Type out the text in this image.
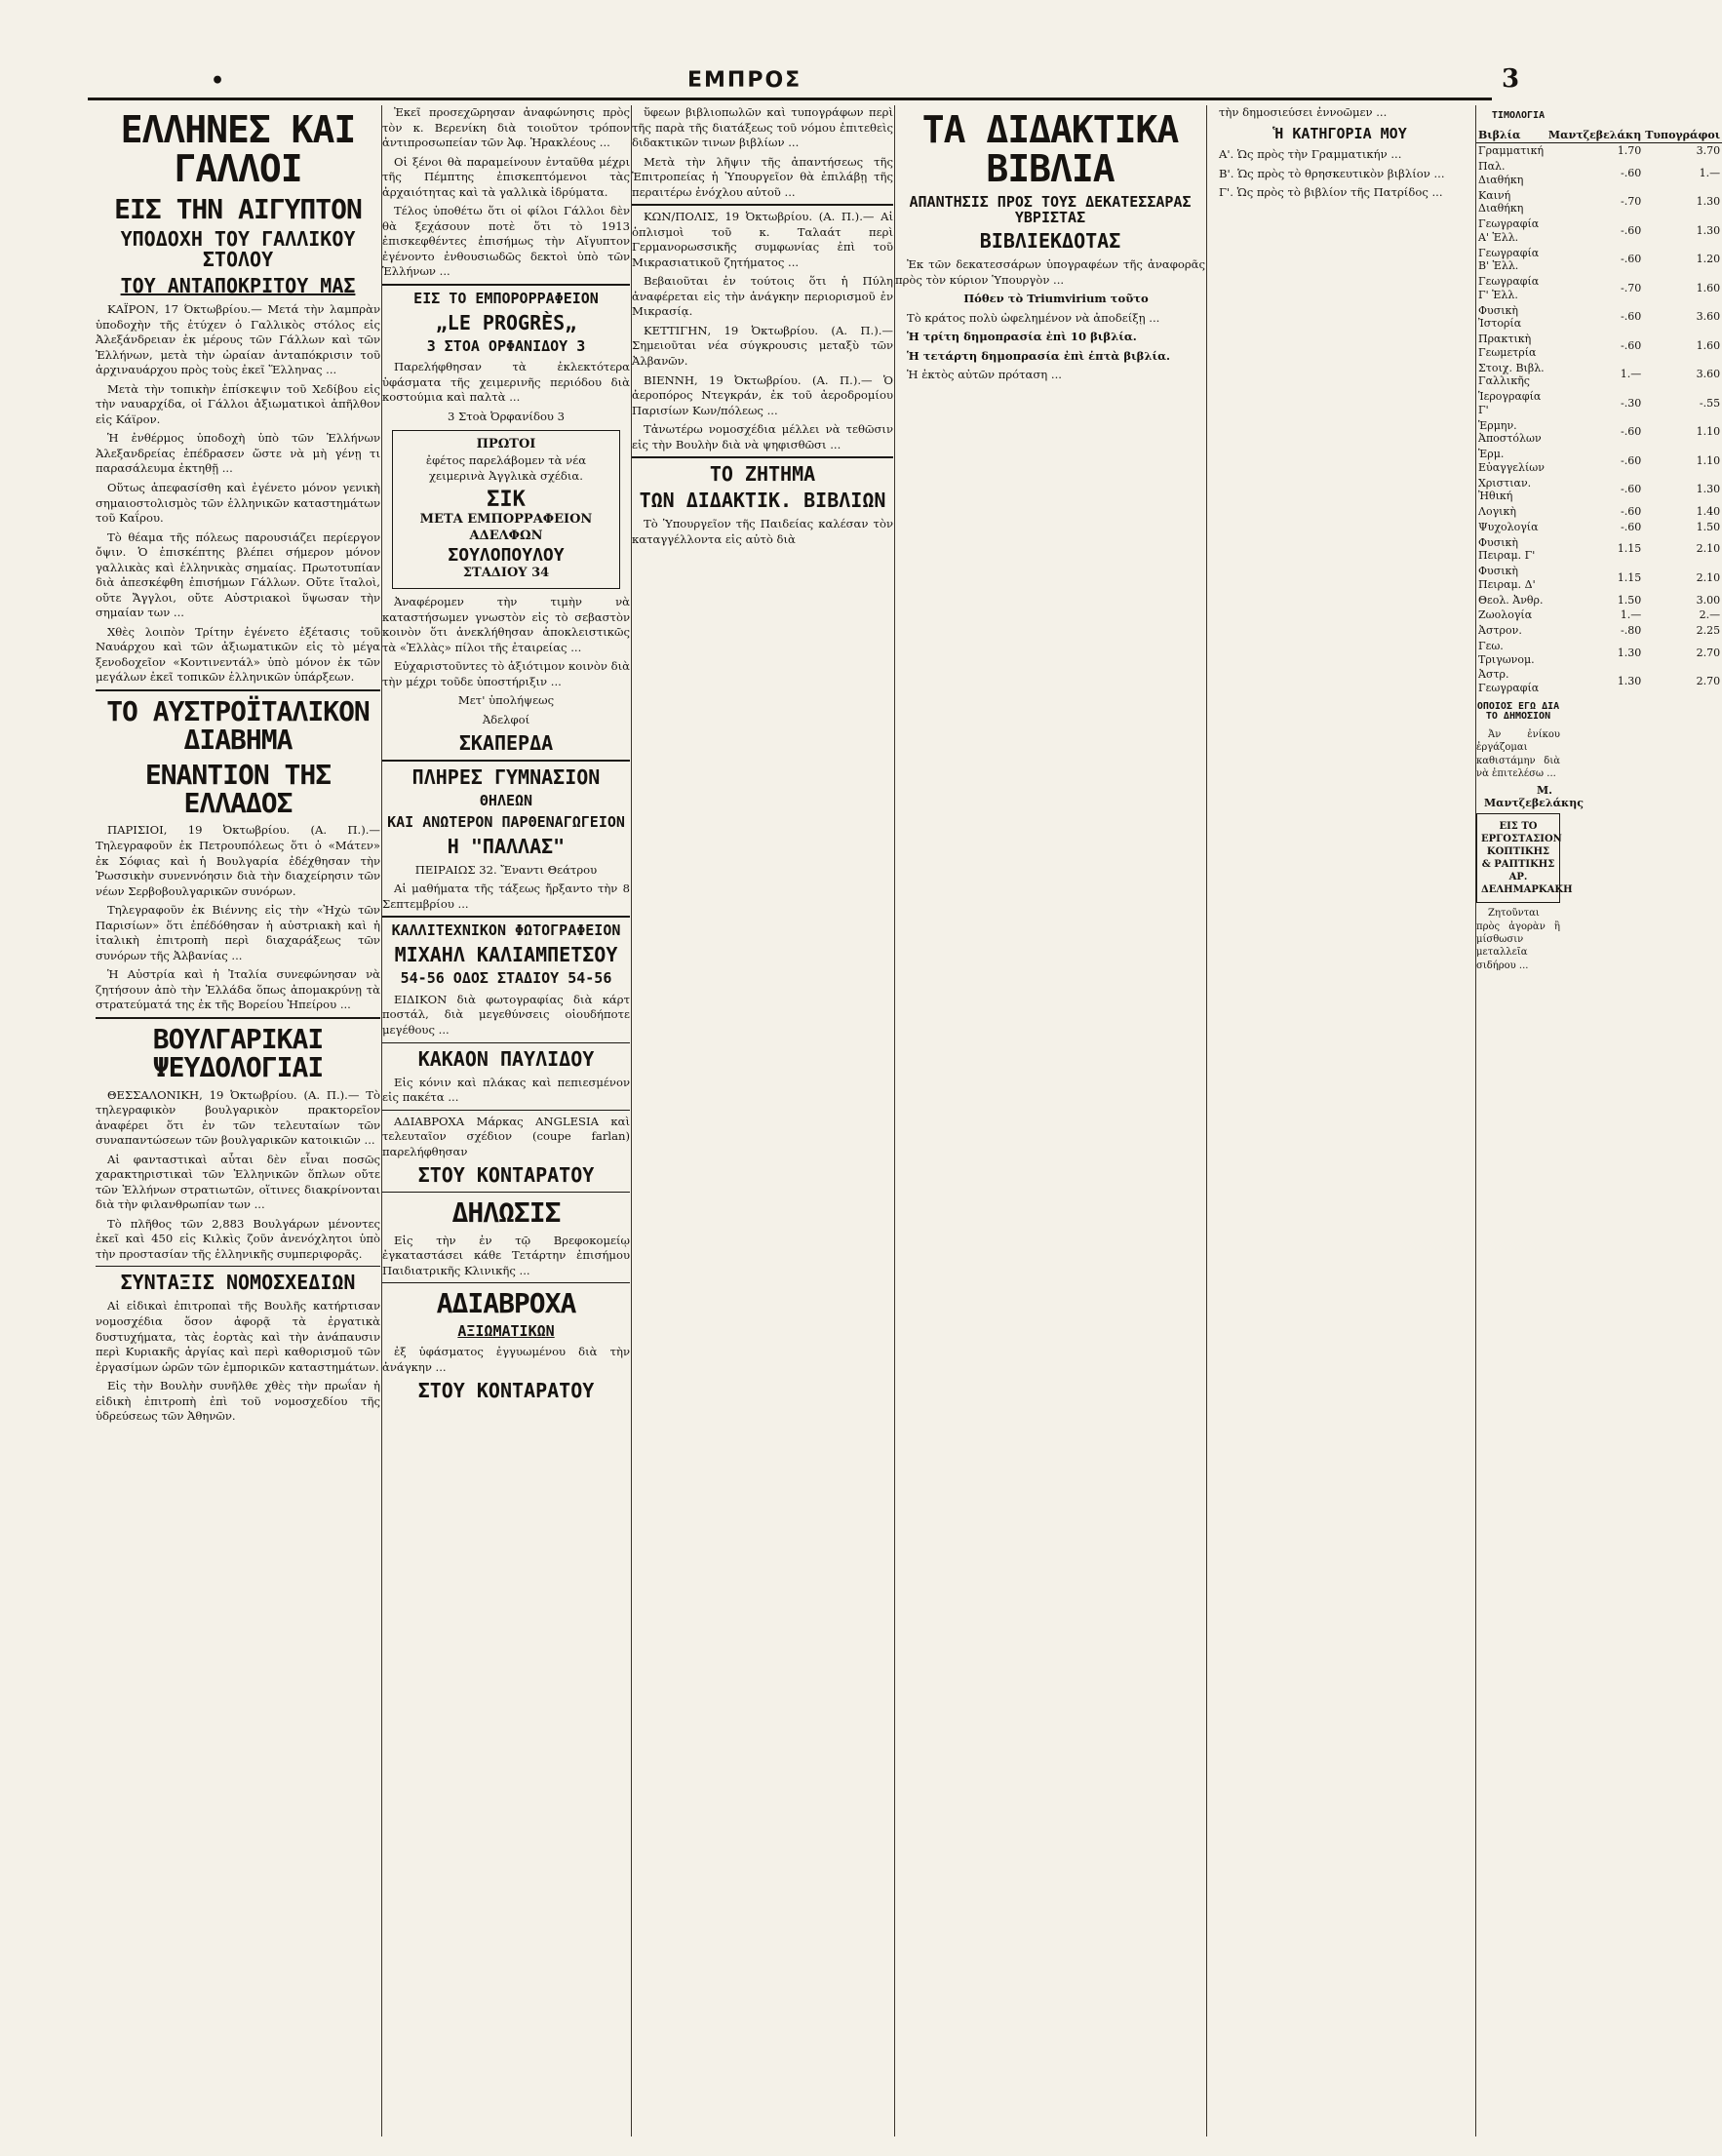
•	ΕΜΠΡΟΣ	3
ΕΛΛΗΝΕΣ ΚΑΙ ΓΑΛΛΟΙ
ΕΙΣ ΤΗΝ ΑΙΓΥΠΤΟΝ
ΥΠΟΔΟΧΗ ΤΟΥ ΓΑΛΛΙΚΟΥ ΣΤΟΛΟΥ
ΤΟΥ ΑΝΤΑΠΟΚΡΙΤΟΥ ΜΑΣ

ΚΑΪΡΟΝ, 17 Όκτωβρίου.— Μετά τὴν λαμπρὰν ὑποδοχὴν τῆς ἐτύχεν ὁ Γαλλικὸς στόλος εἰς Ἀλεξάνδρειαν ἐκ μέρους τῶν Γάλλων καὶ τῶν Ἑλλήνων, μετὰ τὴν ὡραίαν ἀνταπόκρισιν τοῦ ἀρχιναυάρχου πρὸς τοὺς ἐκεῖ Ἕλληνας ...

Μετὰ τὴν τοπικὴν ἐπίσκεψιν τοῦ Χεδίβου εἰς τὴν ναυαρχίδα, οἱ Γάλλοι ἀξιωματικοὶ ἀπῆλθον εἰς Κάϊρον.

Ἡ ἐνθέρμος ὑποδοχὴ ὑπὸ τῶν Ἑλλήνων Ἀλεξανδρείας ἐπέδρασεν ὥστε νὰ μὴ γένῃ τι παρασάλευμα ἐκτηθῇ ...

Οὕτως ἀπεφασίσθη καὶ ἐγένετο μόνον γενικὴ σημαιοστολισμὸς τῶν ἑλληνικῶν καταστημάτων τοῦ Καΐρου.

Τὸ θέαμα τῆς πόλεως παρουσιάζει περίεργον ὄψιν. Ὁ ἐπισκέπτης βλέπει σήμερον μόνον γαλλικὰς καὶ ἑλληνικὰς σημαίας. Πρωτοτυπίαν διὰ ἀπεσκέφθη ἐπισήμων Γάλλων. Οὔτε ἴταλοὶ, οὔτε Ἄγγλοι, οὔτε Αὐστριακοὶ ὕψωσαν τὴν σημαίαν των ...

Χθὲς λοιπὸν Τρίτην ἐγένετο ἐξέτασις τοῦ Ναυάρχου καὶ τῶν ἀξιωματικῶν εἰς τὸ μέγα ξενοδοχεῖον «Κοντινεντάλ» ὑπὸ μόνον ἐκ τῶν μεγάλων ἐκεῖ τοπικῶν ἑλληνικῶν ὑπάρξεων.

ΤΟ ΑΥΣΤΡΟΪΤΑΛΙΚΟΝ ΔΙΑΒΗΜΑ
ΕΝΑΝΤΙΟΝ ΤΗΣ ΕΛΛΑΔΟΣ

ΠΑΡΙΣΙΟΙ, 19 Ὀκτωβρίου. (Α. Π.).— Τηλεγραφοῦν ἐκ Πετρουπόλεως ὅτι ὁ «Μάτεν» ἐκ Σόφιας καὶ ἡ Βουλγαρία ἐδέχθησαν τὴν Ῥωσσικὴν συνεννόησιν διὰ τὴν διαχείρησιν τῶν νέων Σερβοβουλγαρικῶν συνόρων.

Τηλεγραφοῦν ἐκ Βιέννης εἰς τὴν «Ἠχὼ τῶν Παρισίων» ὅτι ἐπέδόθησαν ἡ αὐστριακὴ καὶ ἡ ἰταλικὴ ἐπιτροπὴ περὶ διαχαράξεως τῶν συνόρων τῆς Ἀλβανίας ...

Ἡ Αὐστρία καὶ ἡ Ἰταλία συνεφώνησαν νὰ ζητήσουν ἀπὸ τὴν Ἑλλάδα ὅπως ἀπομακρύνῃ τὰ στρατεύματά της ἐκ τῆς Βορείου Ἠπείρου ...

ΒΟΥΛΓΑΡΙΚΑΙ ΨΕΥΔΟΛΟΓΙΑΙ

ΘΕΣΣΑΛΟΝΙΚΗ, 19 Ὀκτωβρίου. (Α. Π.).— Τὸ τηλεγραφικὸν βουλγαρικὸν πρακτορεῖον ἀναφέρει ὅτι ἐν τῶν τελευταίων τῶν συναπαντώσεων τῶν βουλγαρικῶν κατοικιῶν ...

Αἱ φανταστικαὶ αὗται δὲν εἶναι ποσῶς χαρακτηριστικαὶ τῶν Ἑλληνικῶν ὅπλων οὔτε τῶν Ἑλλήνων στρατιωτῶν, οἵτινες διακρίνονται διὰ τὴν φιλανθρωπίαν των ...

Τὸ πλῆθος τῶν 2,883 Βουλγάρων μένοντες ἐκεῖ καὶ 450 εἰς Κιλκὶς ζοῦν ἀνενόχλητοι ὑπὸ τὴν προστασίαν τῆς ἑλληνικῆς συμπεριφορᾶς.

ΣΥΝΤΑΞΙΣ ΝΟΜΟΣΧΕΔΙΩΝ

Αἱ εἰδικαὶ ἐπιτροπαὶ τῆς Βουλῆς κατήρτισαν νομοσχέδια ὅσον ἀφορᾷ τὰ ἐργατικὰ δυστυχήματα, τὰς ἑορτὰς καὶ τὴν ἀνάπαυσιν περὶ Κυριακῆς ἀργίας καὶ περὶ καθορισμοῦ τῶν ἐργασίμων ὡρῶν τῶν ἐμπορικῶν καταστημάτων.

Εἰς τὴν Βουλὴν συνῆλθε χθὲς τὴν πρωΐαν ἡ εἰδικὴ ἐπιτροπὴ ἐπὶ τοῦ νομοσχεδίου τῆς ὑδρεύσεως τῶν Ἀθηνῶν.

Ἐκεῖ προσεχῶρησαν ἀναφώνησις πρὸς τὸν κ. Βερενίκη διὰ τοιοῦτον τρόπον ἀντιπροσωπείαν τῶν Ἀφ. Ἡρακλέους ...

Οἱ ξένοι θὰ παραμείνουν ἐνταῦθα μέχρι τῆς Πέμπτης ἐπισκεπτόμενοι τὰς ἀρχαιότητας καὶ τὰ γαλλικὰ ἱδρύματα.

Τέλος ὑποθέτω ὅτι οἱ φίλοι Γάλλοι δὲν θὰ ξεχάσουν ποτὲ ὅτι τὸ 1913 ἐπισκεφθέντες ἐπισήμως τὴν Αἴγυπτον ἐγένοντο ἐνθουσιωδῶς δεκτοὶ ὑπὸ τῶν Ἑλλήνων ...

ΕΙΣ ΤΟ ΕΜΠΟΡΟΡΡΑΦΕΙΟΝ
„LE PROGRÈS„
3 ΣΤΟΑ ΟΡΦΑΝΙΔΟΥ 3

Παρελήφθησαν τὰ ἐκλεκτότερα ὑφάσματα τῆς χειμερινῆς περιόδου διὰ κοστούμια καὶ παλτὰ ...

3 Στοὰ Ὀρφανίδου 3
ΠΡΩΤΟΙ
ἐφέτος παρελάβομεν τὰ νέα χειμερινὰ Ἀγγλικὰ σχέδια.
ΣΙΚ
ΜΕΤΑ ΕΜΠΟΡΡΑΦΕΙΟΝ
ΑΔΕΛΦΩΝ
ΣΟΥΛΟΠΟΥΛΟΥ
ΣΤΑΔΙΟΥ 34

Ἀναφέρομεν τὴν τιμὴν νὰ καταστήσωμεν γνωστὸν εἰς τὸ σεβαστὸν κοινὸν ὅτι ἀνεκλήθησαν ἀποκλειστικῶς τὰ «Ἑλλὰς» πίλοι τῆς ἐταιρείας ...

Εὐχαριστοῦντες τὸ ἀξιότιμον κοινὸν διὰ τὴν μέχρι τοῦδε ὑποστήριξιν ...

Μετ' ὑπολήψεως
Ἀδελφοί
ΣΚΑΠΕΡΔΑ
ΠΛΗΡΕΣ ΓΥΜΝΑΣΙΟΝ
ΘΗΛΕΩΝ
ΚΑΙ ΑΝΩΤΕΡΟΝ ΠΑΡΘΕΝΑΓΩΓΕΙΟΝ
Η "ΠΑΛΛΑΣ"
ΠΕΙΡΑΙΩΣ 32. Ἔναντι Θεάτρου

Αἱ μαθήματα τῆς τάξεως ἤρξαντο τὴν 8 Σεπτεμβρίου ...

ΚΑΛΛΙΤΕΧΝΙΚΟΝ ΦΩΤΟΓΡΑΦΕΙΟΝ
ΜΙΧΑΗΛ ΚΑΛΙΑΜΠΕΤΣΟΥ
54-56 ΟΔΟΣ ΣΤΑΔΙΟΥ 54-56

ΕΙΔΙΚΟΝ διὰ φωτογραφίας διὰ κάρτ ποστάλ, διὰ μεγεθύνσεις οἱουδήποτε μεγέθους ...

ΚΑΚΑΟΝ ΠΑΥΛΙΔΟΥ

Εἰς κόνιν καὶ πλάκας καὶ πεπιεσμένον εἰς πακέτα ...

ΑΔΙΑΒΡΟΧΑ Μάρκας ANGLESIA καὶ τελευταῖον σχέδιον (coupe farlan) παρελήφθησαν

ΣΤΟΥ ΚΟΝΤΑΡΑΤΟΥ
ΔΗΛΩΣΙΣ

Εἰς τὴν ἐν τῷ Βρεφοκομείῳ ἐγκαταστάσει κάθε Τετάρτην ἐπισήμου Παιδιατρικῆς Κλινικῆς ...

ΑΔΙΑΒΡΟΧΑ
ΑΞΙΩΜΑΤΙΚΩΝ

ἐξ ὑφάσματος ἐγγυωμένου διὰ τὴν ἀνάγκην ...

ΣΤΟΥ ΚΟΝΤΑΡΑΤΟΥ

ὕφεων βιβλιοπωλῶν καὶ τυπογράφων περὶ τῆς παρὰ τῆς διατάξεως τοῦ νόμου ἐπιτεθεὶς διδακτικῶν τινων βιβλίων ...

Μετὰ τὴν λῆψιν τῆς ἀπαντήσεως τῆς Ἐπιτροπείας ἡ Ὑπουργεῖον θὰ ἐπιλάβῃ τῆς περαιτέρω ἐνόχλου αὐτοῦ ...

ΚΩΝ/ΠΟΛΙΣ, 19 Ὀκτωβρίου. (Α. Π.).— Αἱ ὁπλισμοὶ τοῦ κ. Ταλαάτ περὶ Γερμανορωσσικῆς συμφωνίας ἐπὶ τοῦ Μικρασιατικοῦ ζητήματος ...

Βεβαιοῦται ἐν τούτοις ὅτι ἡ Πύλη ἀναφέρεται εἰς τὴν ἀνάγκην περιορισμοῦ ἐν Μικρασίᾳ.

ΚΕΤΤΙΓΗΝ, 19 Ὀκτωβρίου. (Α. Π.).— Σημειοῦται νέα σύγκρουσις μεταξὺ τῶν Ἀλβανῶν.

ΒΙΕΝΝΗ, 19 Ὀκτωβρίου. (Α. Π.).— Ὁ ἀεροπόρος Ντεγκράν, ἐκ τοῦ ἀεροδρομίου Παρισίων Κων/πόλεως ...

Τἀνωτέρω νομοσχέδια μέλλει νὰ τεθῶσιν εἰς τὴν Βουλὴν διὰ νὰ ψηφισθῶσι ...

ΤΟ ΖΗΤΗΜΑ
ΤΩΝ ΔΙΔΑΚΤΙΚ. ΒΙΒΛΙΩΝ

Τὸ Ὑπουργεῖον τῆς Παιδείας καλέσαν τὸν καταγγέλλοντα εἰς αὐτὸ διὰ

ΤΑ ΔΙΔΑΚΤΙΚΑ ΒΙΒΛΙΑ
ΑΠΑΝΤΗΣΙΣ ΠΡΟΣ ΤΟΥΣ ΔΕΚΑΤΕΣΣΑΡΑΣ ΥΒΡΙΣΤΑΣ
ΒΙΒΛΙΕΚΔΟΤΑΣ

Ἐκ τῶν δεκατεσσάρων ὑπογραφέων τῆς ἀναφορᾶς πρὸς τὸν κύριον Ὑπουργὸν ...

Πόθεν τὸ Triumvirium τοῦτο

Τὸ κράτος πολὺ ὠφελημένον νὰ ἀποδείξῃ ...

Ἡ τρίτη δημοπρασία ἐπὶ 10 βιβλία.

Ἡ τετάρτη δημοπρασία ἐπὶ ἑπτὰ βιβλία.

Ἡ ἐκτὸς αὐτῶν πρόταση ...

τὴν δημοσιεύσει ἐννοῶμεν ...

Ἡ ΚΑΤΗΓΟΡΙΑ ΜΟΥ

Α'. Ὡς πρὸς τὴν Γραμματικήν ...

Β'. Ὡς πρὸς τὸ θρησκευτικὸν βιβλίον ...

Γ'. Ὡς πρὸς τὸ βιβλίον τῆς Πατρίδος ...

ΤΙΜΟΛΟΓΙΑ
Βιβλία	Μαντζεβελάκη	Τυπογράφοι
Γραμματική	1.70	3.70
Παλ. Διαθήκη	-.60	1.—
Καινή Διαθήκη	-.70	1.30
Γεωγραφία Α' Ἑλλ.	-.60	1.30
Γεωγραφία Β' Ἑλλ.	-.60	1.20
Γεωγραφία Γ' Ἑλλ.	-.70	1.60
Φυσικὴ Ἰστορία	-.60	3.60
Πρακτικὴ Γεωμετρία	-.60	1.60
Στοιχ. Βιβλ. Γαλλικῆς	1.—	3.60
Ἱερογραφία Γ'	-.30	-.55
Ἑρμην. Ἀποστόλων	-.60	1.10
Ἑρμ. Εὐαγγελίων	-.60	1.10
Χριστιαν. Ἠθική	-.60	1.30
Λογικὴ	-.60	1.40
Ψυχολογία	-.60	1.50
Φυσικὴ Πειραμ. Γ'	1.15	2.10
Φυσικὴ Πειραμ. Δ'	1.15	2.10
Θεολ. Ἀνθρ.	1.50	3.00
Ζωολογία	1.—	2.—
Ἀστρον.	-.80	2.25
Γεω. Τριγωνομ.	1.30	2.70
Ἀστρ. Γεωγραφία	1.30	2.70
ΟΠΟΙΟΣ ΕΓΩ ΔΙΑ ΤΟ ΔΗΜΟΣΙΟΝ

Ἀν ἐνίκου ἐργάζομαι καθιστάμην διὰ νὰ ἐπιτελέσω ...

Μ. Μαντζεβελάκης
ΕΙΣ ΤΟ ΕΡΓΟΣΤΑΣΙΟΝ
ΚΟΠΤΙΚΗΣ & ΡΑΠΤΙΚΗΣ
ΑΡ. ΔΕΛΗΜΑΡΚΑΚΗ

Ζητοῦνται πρὸς ἀγορὰν ἢ μίσθωσιν μεταλλεῖα σιδήρου ...
